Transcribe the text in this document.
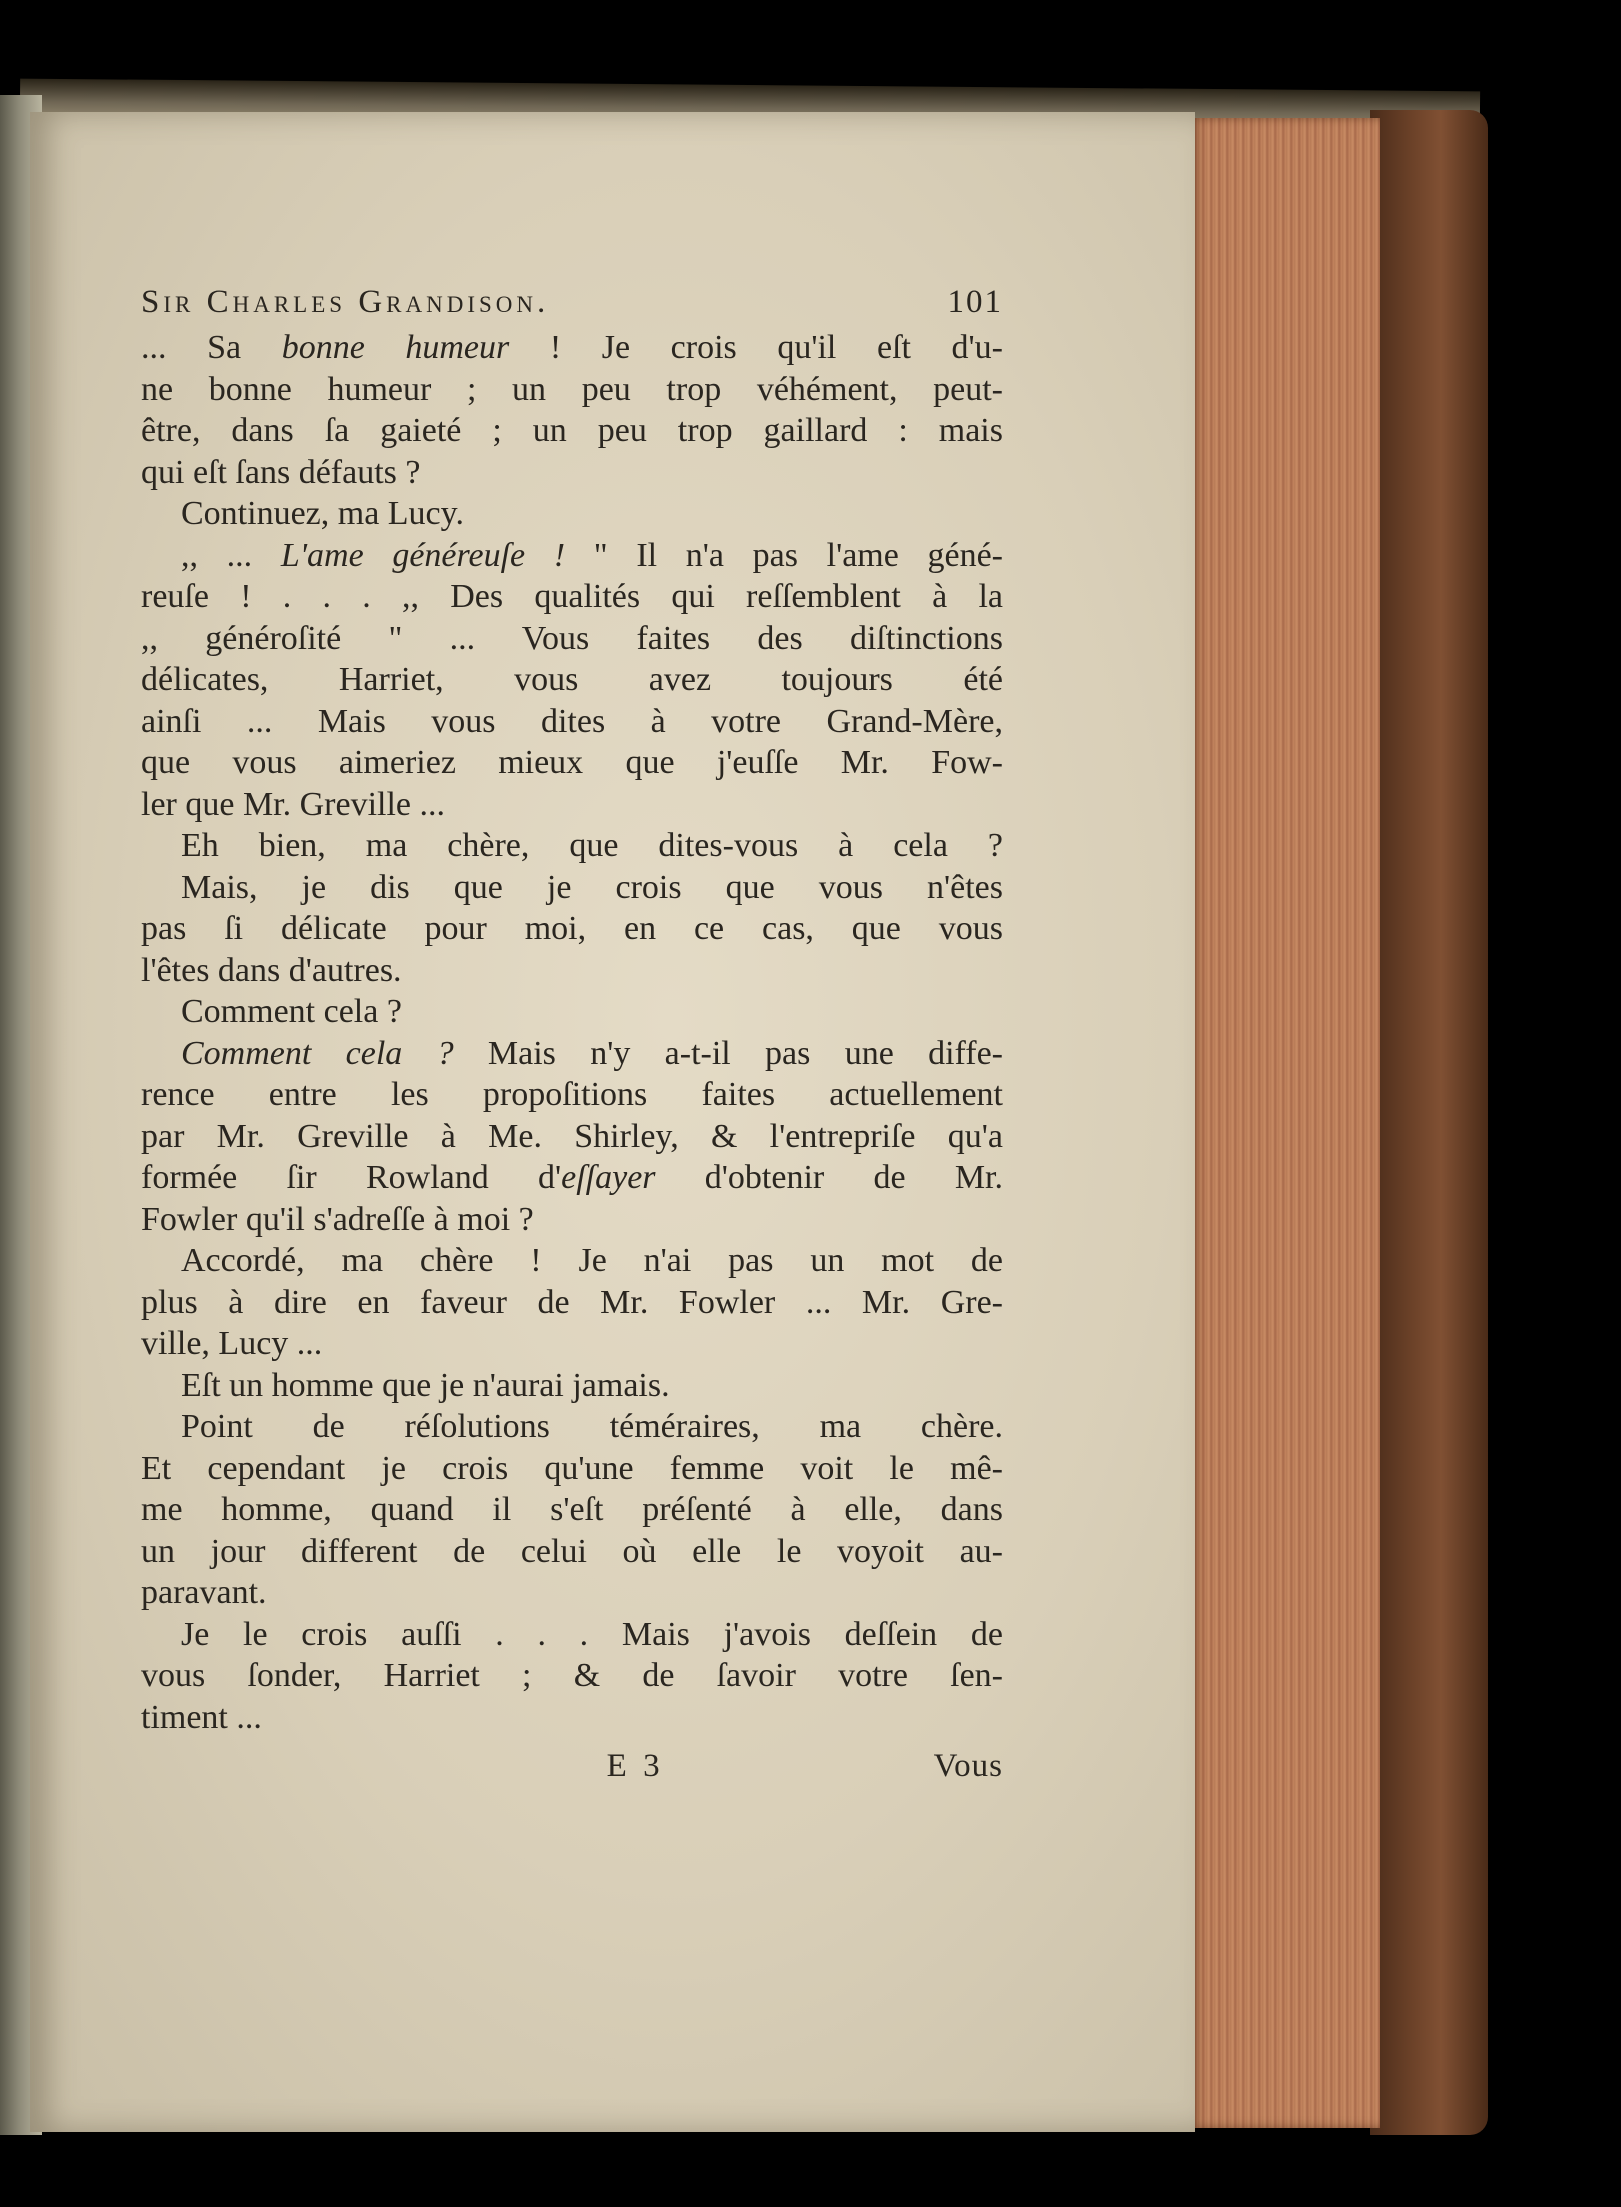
Sir Charles Grandison.	101
... Sa bonne humeur ! Je crois qu'il eſt d'u-
ne bonne humeur ; un peu trop véhément, peut-
être, dans ſa gaieté ; un peu trop gaillard : mais
qui eſt ſans défauts ?
Continuez, ma Lucy.
,, ... L'ame généreuſe ! " Il n'a pas l'ame géné-
reuſe ! . . . ,, Des qualités qui reſſemblent à la
,, généroſité " ... Vous faites des diſtinctions
délicates, Harriet, vous avez toujours été
ainſi ... Mais vous dites à votre Grand-Mère,
que vous aimeriez mieux que j'euſſe Mr. Fow-
ler que Mr. Greville ...
Eh bien, ma chère, que dites-vous à cela ?
Mais, je dis que je crois que vous n'êtes
pas ſi délicate pour moi, en ce cas, que vous
l'êtes dans d'autres.
Comment cela ?
Comment cela ? Mais n'y a-t-il pas une diffe-
rence entre les propoſitions faites actuellement
par Mr. Greville à Me. Shirley, & l'entrepriſe qu'a
formée ſir Rowland d'eſſayer d'obtenir de Mr.
Fowler qu'il s'adreſſe à moi ?
Accordé, ma chère ! Je n'ai pas un mot de
plus à dire en faveur de Mr. Fowler ... Mr. Gre-
ville, Lucy ...
Eſt un homme que je n'aurai jamais.
Point de réſolutions téméraires, ma chère.
Et cependant je crois qu'une femme voit le mê-
me homme, quand il s'eſt préſenté à elle, dans
un jour different de celui où elle le voyoit au-
paravant.
Je le crois auſſi . . . Mais j'avois deſſein de
vous ſonder, Harriet ; & de ſavoir votre ſen-
timent ...
E 3	Vous
